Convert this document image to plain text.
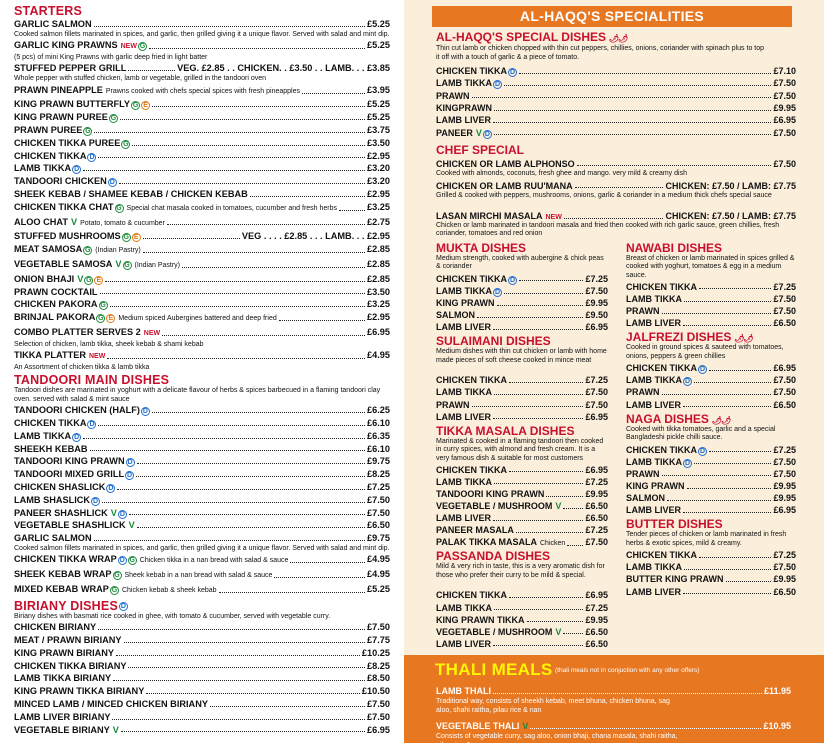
STARTERS
GARLIC SALMON	£5.25
Cooked salmon fillets marinated in spices, and garlic, then grilled giving it a unique flavor. Served with salad and mint dip.
GARLIC KING PRAWNS NEW G	£5.25
(5 pcs) of mini King Prawns with garlic deep fried in light batter
STUFFED PEPPER GRILL	VEG. £2.85 . . CHICKEN. . £3.50 . . LAMB. . . £3.85
Whole pepper with stuffed chicken, lamb or vegetable, grilled in the tandoori oven
PRAWN PINEAPPLE Prawns cooked with chefs special spices with fresh pineapples	£3.95
KING PRAWN BUTTERFLY G E	£5.25
KING PRAWN PUREE G	£5.25
PRAWN PUREE G	£3.75
CHICKEN TIKKA PUREE G	£3.50
CHICKEN TIKKA D	£2.95
LAMB TIKKA D	£3.20
TANDOORI CHICKEN D	£3.20
SHEEK KEBAB / SHAMEE KEBAB / CHICKEN KEBAB	£2.95
CHICKEN TIKKA CHAT G Special chat masala cooked in tomatoes, cucumber and fresh herbs	£3.25
ALOO CHAT V Potato, tomato & cucumber	£2.75
STUFFED MUSHROOMS G E	VEG . . . . £2.85 . . . LAMB. . . £2.95
MEAT SAMOSA G (Indian Pastry)	£2.85
VEGETABLE SAMOSA V G (Indian Pastry)	£2.85
ONION BHAJI V G E	£2.85
PRAWN COCKTAIL	£3.50
CHICKEN PAKORA G	£3.25
BRINJAL PAKORA G E Medium spiced Aubergines battered and deep fried	£2.95
COMBO PLATTER SERVES 2 NEW	£6.95
Selection of chicken, lamb tikka, sheek kebab & shami kebab
TIKKA PLATTER NEW	£4.95
An Assortment of chicken tikka & lamb tikka
TANDOORI MAIN DISHES
Tandoori dishes are marinated in yoghurt with a delicate flavour of herbs & spices barbecued in a flaming tandoori clay oven. served with salad & mint sauce
TANDOORI CHICKEN (HALF) D	£6.25
CHICKEN TIKKA D	£6.10
LAMB TIKKA D	£6.35
SHEEKH KEBAB	£6.10
TANDOORI KING PRAWN D	£9.75
TANDOORI MIXED GRILL D	£8.25
CHICKEN SHASLICK D	£7.25
LAMB SHASLICK D	£7.50
PANEER SHASHLICK V D	£7.50
VEGETABLE SHASHLICK V	£6.50
GARLIC SALMON	£9.75
Cooked salmon fillets marinated in spices, and garlic, then grilled giving it a unique flavor. Served with salad and mint dip.
CHICKEN TIKKA WRAP D G Chicken tikka in a nan bread with salad & sauce	£4.95
SHEEK KEBAB WRAP G Sheek kebab in a nan bread with salad & sauce	£4.95
MIXED KEBAB WRAP G Chicken kebab & sheek kebab	£5.25
BIRIANY DISHES D
Biriany dishes with basmati rice cooked in ghee, with tomato & cucumber, served with vegetable curry.
CHICKEN BIRIANY	£7.50
MEAT / PRAWN BIRIANY	£7.75
KING PRAWN BIRIANY	£10.25
CHICKEN TIKKA BIRIANY	£8.25
LAMB TIKKA BIRIANY	£8.50
KING PRAWN TIKKA BIRIANY	£10.50
MINCED LAMB / MINCED CHICKEN BIRIANY	£7.50
LAMB LIVER BIRIANY	£7.50
VEGETABLE BIRIANY V	£6.95
AL-HAQQ'S SPECIALITIES
AL-HAQQ'S SPECIAL DISHES 🌶🌶
Thin cut lamb or chicken chopped with thin cut peppers, chillies, onions, coriander with spinach plus to top it off with a touch of garlic & a piece of tomato.
CHICKEN TIKKA D	£7.10
LAMB TIKKA D	£7.50
PRAWN	£7.50
KINGPRAWN	£9.95
LAMB LIVER	£6.95
PANEER V D	£7.50
CHEF SPECIAL
CHICKEN OR LAMB ALPHONSO	£7.50
Cooked with almonds, coconuts, fresh ghee and mango. very mild & creamy dish
CHICKEN OR LAMB RUU'MANA	CHICKEN: £7.50 / LAMB: £7.75
Grilled & cooked with peppers, mushrooms, onions, garlic & coriander in a medium thick chefs special sauce
LASAN MIRCHI MASALA NEW	CHICKEN: £7.50 / LAMB: £7.75
Chicken or lamb marinated in tandoori masala and fried then cooked with rich garlic sauce, green chillies, fresh coriander, tomatoes and red onion
MUKTA DISHES
Medium strength, cooked with aubergine & chick peas & coriander
CHICKEN TIKKA D	£7.25
LAMB TIKKA D	£7.50
KING PRAWN	£9.95
SALMON	£9.50
LAMB LIVER	£6.95
SULAIMANI DISHES
Medium dishes with thin cut chicken or lamb with home made pieces of soft cheese cooked in mince meat
CHICKEN TIKKA	£7.25
LAMB TIKKA	£7.50
PRAWN	£7.50
LAMB LIVER	£6.95
TIKKA MASALA DISHES
Marinated & cooked in a flaming tandoori then cooked in curry spices, with almond and fresh cream. It is a very famous dish & suitable for most customers
CHICKEN TIKKA	£6.95
LAMB TIKKA	£7.25
TANDOORI KING PRAWN	£9.95
VEGETABLE / MUSHROOM V	£6.50
LAMB LIVER	£6.50
PANEER MASALA	£7.25
PALAK TIKKA MASALA Chicken £7.50
PASSANDA DISHES
Mild & very rich in taste, this is a very aromatic dish for those who prefer their curry to be mild & special.
CHICKEN TIKKA	£6.95
LAMB TIKKA	£7.25
KING PRAWN TIKKA	£9.95
VEGETABLE / MUSHROOM V	£6.50
LAMB LIVER	£6.50
NAWABI DISHES
Breast of chicken or lamb marinated in spices grilled & cooked with yoghurt, tomatoes & egg in a medium sauce.
CHICKEN TIKKA	£7.25
LAMB TIKKA	£7.50
PRAWN	£7.50
LAMB LIVER	£6.50
JALFREZI DISHES 🌶🌶
Cooked in ground spices & sauteed with tomatoes, onions, peppers & green chillies
CHICKEN TIKKA D	£6.95
LAMB TIKKA D	£7.50
PRAWN	£7.50
LAMB LIVER	£6.50
NAGA DISHES 🌶🌶
Cooked with tikka tomatoes, garlic and a special Bangladeshi pickle chilli sauce.
CHICKEN TIKKA D	£7.25
LAMB TIKKA D	£7.50
PRAWN	£7.50
KING PRAWN	£9.95
SALMON	£9.95
LAMB LIVER	£6.95
BUTTER DISHES
Tender pieces of chicken or lamb marinated in fresh herbs & exotic spices, mild & creamy.
CHICKEN TIKKA	£7.25
LAMB TIKKA	£7.50
BUTTER KING PRAWN	£9.95
LAMB LIVER	£6.50
THALI MEALS (thali meals not in conjuction with any other offers)
LAMB THALI	£11.95
Traditional way, consists of sheekh kebab, meet bhuna, chicken bhuna, sag aloo, shahi raitha, pilau rice & nan
VEGETABLE THALI V	£10.95
Consists of vegetable curry, sag aloo, onion bhaji, chana masala, shahi raitha, pilau rice & nan
